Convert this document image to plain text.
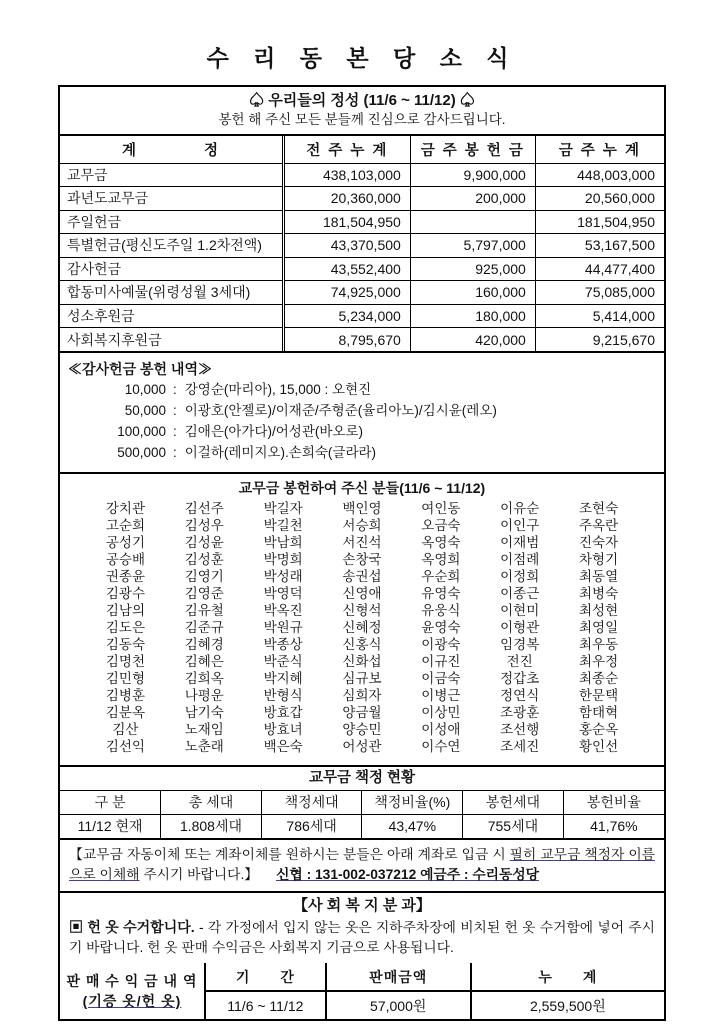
수 리 동 본 당 소 식
♤ 우리들의 정성 (11/6 ~ 11/12) ♤
봉헌 해 주신 모든 분들께 진심으로 감사드립니다.
계    정	전 주 누 계	금 주 봉 헌 금	금 주 누 계
교무금	438,103,000	9,900,000	448,003,000
과년도교무금	20,360,000	200,000	20,560,000
주일헌금	181,504,950		181,504,950
특별헌금(평신도주일 1.2차전액)	43,370,500	5,797,000	53,167,500
감사헌금	43,552,400	925,000	44,477,400
합동미사예물(위령성월 3세대)	74,925,000	160,000	75,085,000
성소후원금	5,234,000	180,000	5,414,000
사회복지후원금	8,795,670	420,000	9,215,670
≪감사헌금 봉헌 내역≫
10,000 : 강영순(마리아), 15,000 : 오현진
50,000 : 이광호(안젤로)/이재준/주형준(율리아노)/김시윤(레오)
100,000 : 김애은(아가다)/어성관(바오로)
500,000 : 이걸하(레미지오).손희숙(글라라)
교무금 봉헌하여 주신 분들(11/6 ~ 11/12)
강치관	김선주	박길자	백인영	여인동	이유순	조현숙
고순희	김성우	박길천	서승희	오금숙	이인구	주옥란
공성기	김성윤	박남희	서진석	옥영숙	이재범	진숙자
공승배	김성훈	박명희	손창국	옥영희	이점례	차형기
권종윤	김영기	박성래	송권섭	우순희	이정희	최동열
김광수	김영준	박영덕	신영애	유영숙	이종근	최병숙
김남의	김유철	박옥진	신형석	유웅식	이현미	최성현
김도은	김준규	박원규	신혜정	윤영숙	이형관	최영일
김동숙	김혜경	박종상	신홍식	이광숙	임경복	최우동
김명천	김혜은	박준식	신화섭	이규진	전진	최우정
김민형	김희옥	박지혜	심규보	이금숙	정갑초	최종순
김병훈	나평운	반형식	심희자	이병근	정연식	한문택
김분옥	남기숙	방효갑	양금월	이상민	조광훈	함태혁
김산	노재임	방효녀	양승민	이성애	조선행	홍순옥
김선익	노춘래	백은숙	어성관	이수연	조세진	황인선
교무금 책정 현황
구 분	총 세대	책정세대	책정비율(%)	봉헌세대	봉헌비율
11/12 현재	1.808세대	786세대	43,47%	755세대	41,76%
【교무금 자동이체 또는 계좌이체를 원하시는 분들은 아래 계좌로 입금 시 필히 교무금 책정자 이름으로 이체해 주시기 바랍니다.】 신협 : 131-002-037212 예금주 : 수리동성당
【사 회 복 지 분 과】
▣ 헌 옷 수거합니다. - 각 가정에서 입지 않는 옷은 지하주차장에 비치된 헌 옷 수거함에 넣어 주시기 바랍니다. 헌 옷 판매 수익금은 사회복지 기금으로 사용됩니다.
판 매 수 익 금 내 역
(기증 옷/헌 옷)	기  간	판매금액	누  계
	11/6 ~ 11/12	57,000원	2,559,500원
